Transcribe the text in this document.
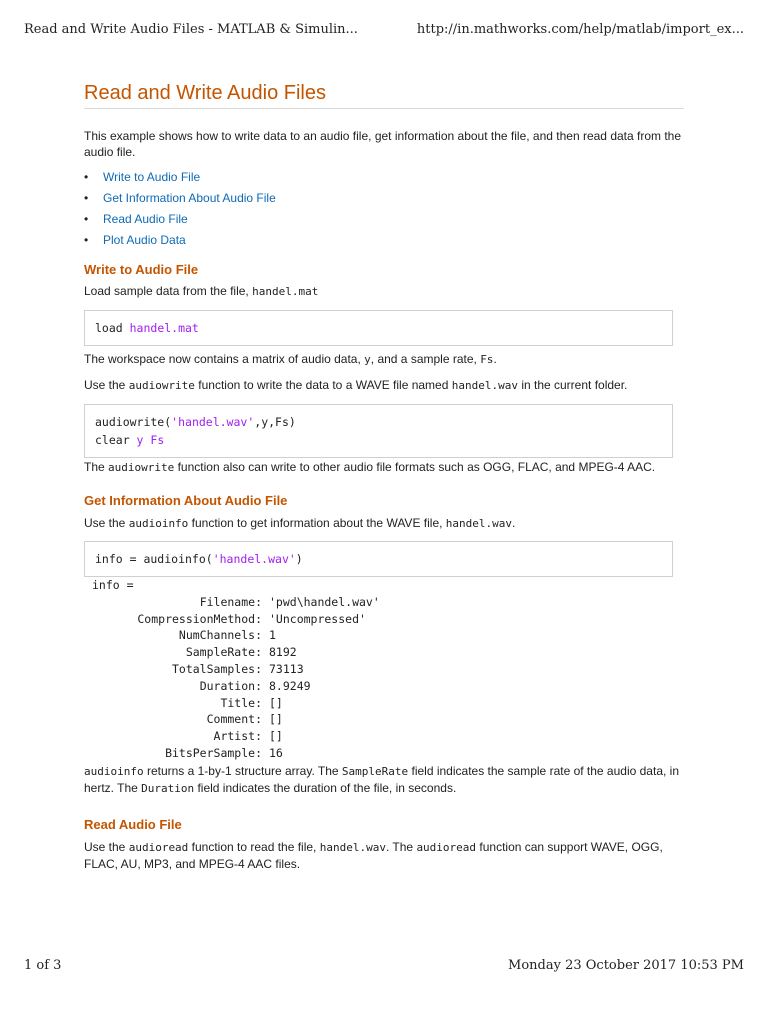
Read and Write Audio Files - MATLAB & Simulin...	http://in.mathworks.com/help/matlab/import_ex...
Read and Write Audio Files

This example shows how to write data to an audio file, get information about the file, and then read data from the audio file.

• Write to Audio File
• Get Information About Audio File
• Read Audio File
• Plot Audio Data
Write to Audio File

Load sample data from the file, handel.mat

load handel.mat

The workspace now contains a matrix of audio data, y, and a sample rate, Fs.

Use the audiowrite function to write the data to a WAVE file named handel.wav in the current folder.

audiowrite('handel.wav',y,Fs)
clear y Fs

The audiowrite function also can write to other audio file formats such as OGG, FLAC, and MPEG-4 AAC.

Get Information About Audio File

Use the audioinfo function to get information about the WAVE file, handel.wav.

info = audioinfo('handel.wav')
info =
Filename: 'pwd\handel.wav'
CompressionMethod: 'Uncompressed'
NumChannels: 1
SampleRate: 8192
TotalSamples: 73113
Duration: 8.9249
Title: []
Comment: []
Artist: []
BitsPerSample: 16

audioinfo returns a 1-by-1 structure array. The SampleRate field indicates the sample rate of the audio data, in hertz. The Duration field indicates the duration of the file, in seconds.

Read Audio File

Use the audioread function to read the file, handel.wav. The audioread function can support WAVE, OGG, FLAC, AU, MP3, and MPEG-4 AAC files.

1 of 3	Monday 23 October 2017 10:53 PM
